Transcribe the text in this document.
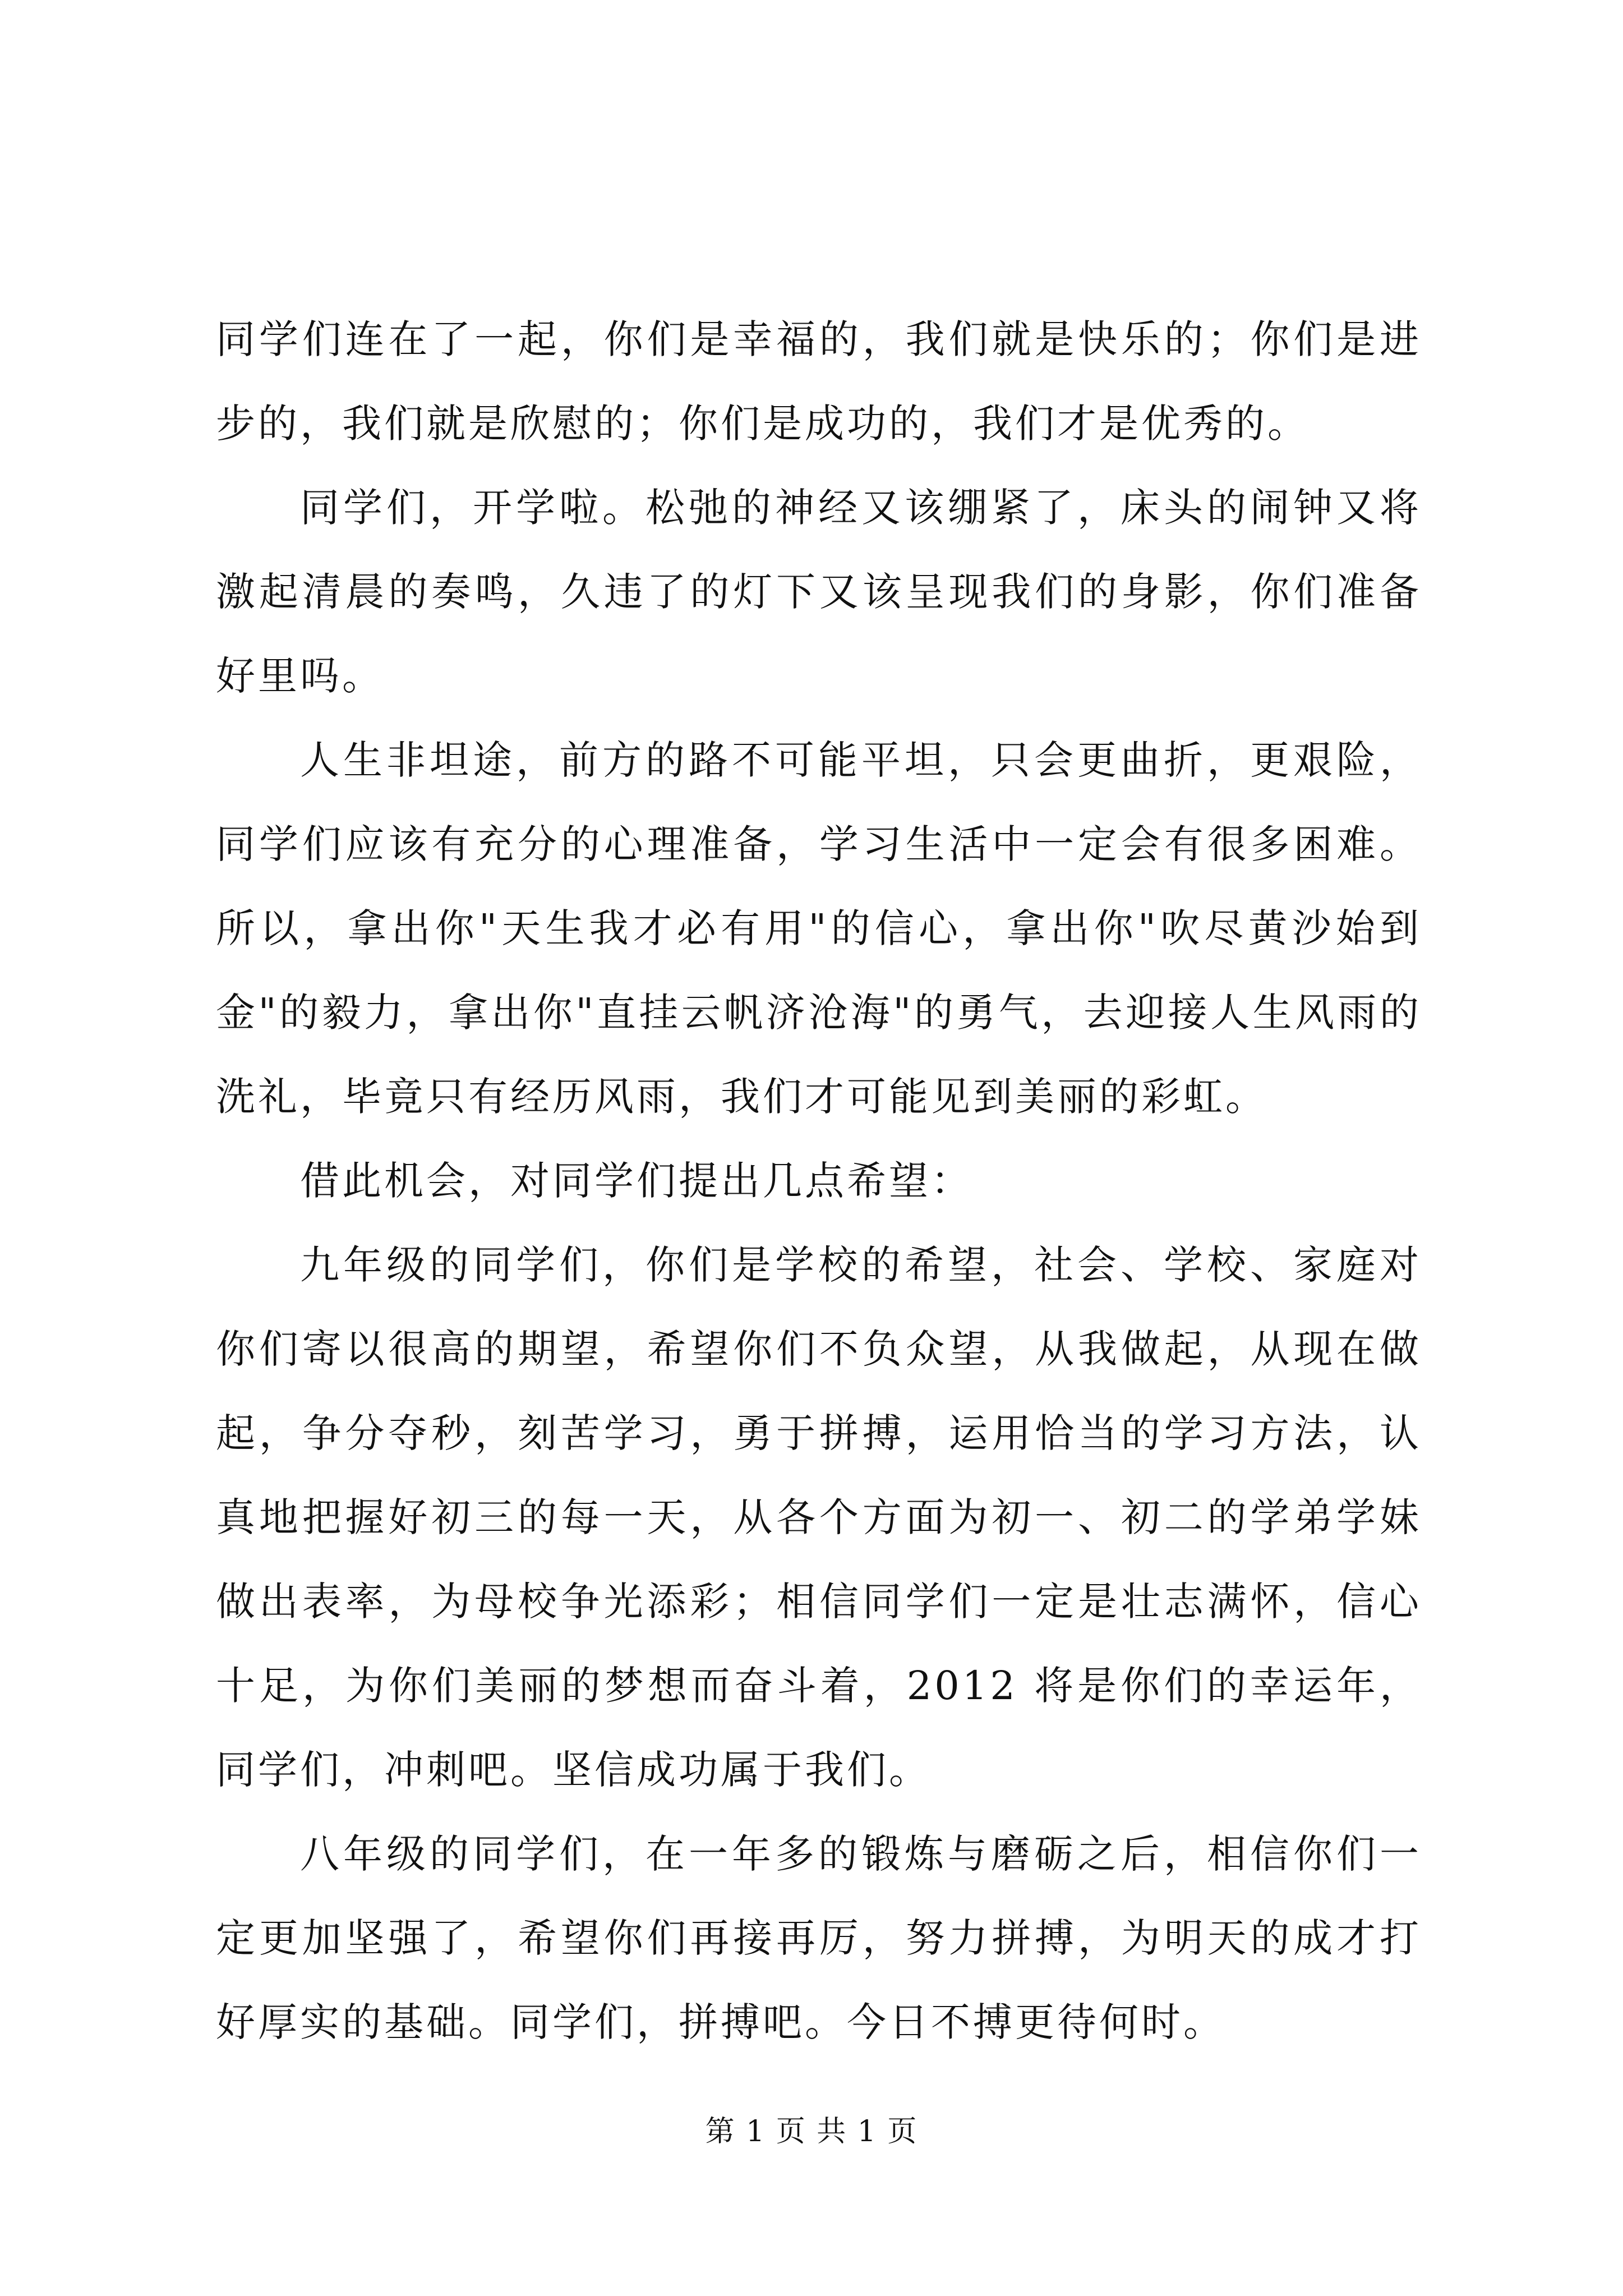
同学们连在了一起，你们是幸福的，我们就是快乐的；你们是进步的，我们就是欣慰的；你们是成功的，我们才是优秀的。

同学们，开学啦。松弛的神经又该绷紧了，床头的闹钟又将激起清晨的奏鸣，久违了的灯下又该呈现我们的身影，你们准备好里吗。

人生非坦途，前方的路不可能平坦，只会更曲折，更艰险，同学们应该有充分的心理准备，学习生活中一定会有很多困难。所以，拿出你"天生我才必有用"的信心，拿出你"吹尽黄沙始到金"的毅力，拿出你"直挂云帆济沧海"的勇气，去迎接人生风雨的洗礼，毕竟只有经历风雨，我们才可能见到美丽的彩虹。

借此机会，对同学们提出几点希望：

九年级的同学们，你们是学校的希望，社会、学校、家庭对你们寄以很高的期望，希望你们不负众望，从我做起，从现在做起，争分夺秒，刻苦学习，勇于拼搏，运用恰当的学习方法，认真地把握好初三的每一天，从各个方面为初一、初二的学弟学妹做出表率，为母校争光添彩；相信同学们一定是壮志满怀，信心十足，为你们美丽的梦想而奋斗着，2012 将是你们的幸运年，同学们，冲刺吧。坚信成功属于我们。

八年级的同学们，在一年多的锻炼与磨砺之后，相信你们一定更加坚强了，希望你们再接再厉，努力拼搏，为明天的成才打好厚实的基础。同学们，拼搏吧。今日不搏更待何时。

第 1 页 共 1 页
